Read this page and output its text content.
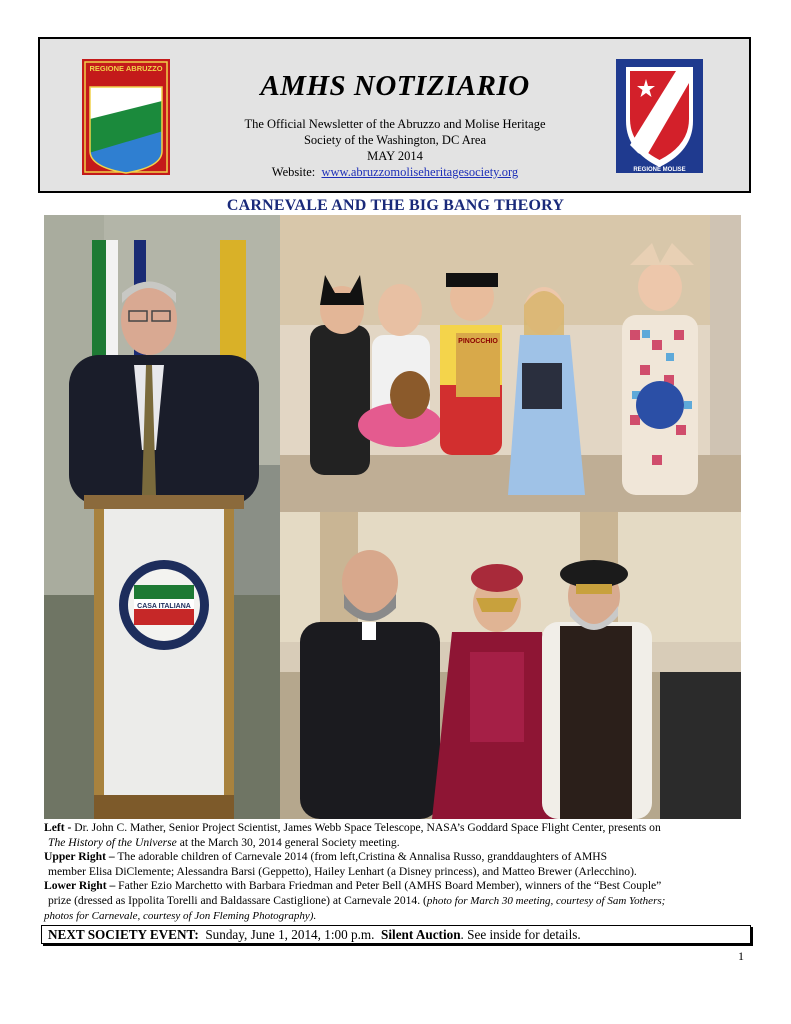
REGIONE ABRUZZO
REGIONE MOLISE
AMHS NOTIZIARIO
The Official Newsletter of the Abruzzo and Molise Heritage
Society of the Washington, DC Area
MAY 2014
Website: www.abruzzomoliseheritagesociety.org
CARNEVALE AND THE BIG BANG THEORY
CASA ITALIANA
PINOCCHIO

Left - Dr. John C. Mather, Senior Project Scientist, James Webb Space Telescope, NASA’s Goddard Space Flight Center, presents on

The History of the Universe at the March 30, 2014 general Society meeting.

Upper Right – The adorable children of Carnevale 2014 (from left,Cristina & Annalisa Russo, granddaughters of AMHS

member Elisa DiClemente; Alessandra Barsi (Geppetto), Hailey Lenhart (a Disney princess), and Matteo Brewer (Arlecchino).

Lower Right – Father Ezio Marchetto with Barbara Friedman and Peter Bell (AMHS Board Member), winners of the “Best Couple”

prize (dressed as Ippolita Torelli and Baldassare Castiglione) at Carnevale 2014. (photo for March 30 meeting, courtesy of Sam Yothers;

photos for Carnevale, courtesy of Jon Fleming Photography).

NEXT SOCIETY EVENT:  Sunday, June 1, 2014, 1:00 p.m.  Silent Auction. See inside for details.
1
